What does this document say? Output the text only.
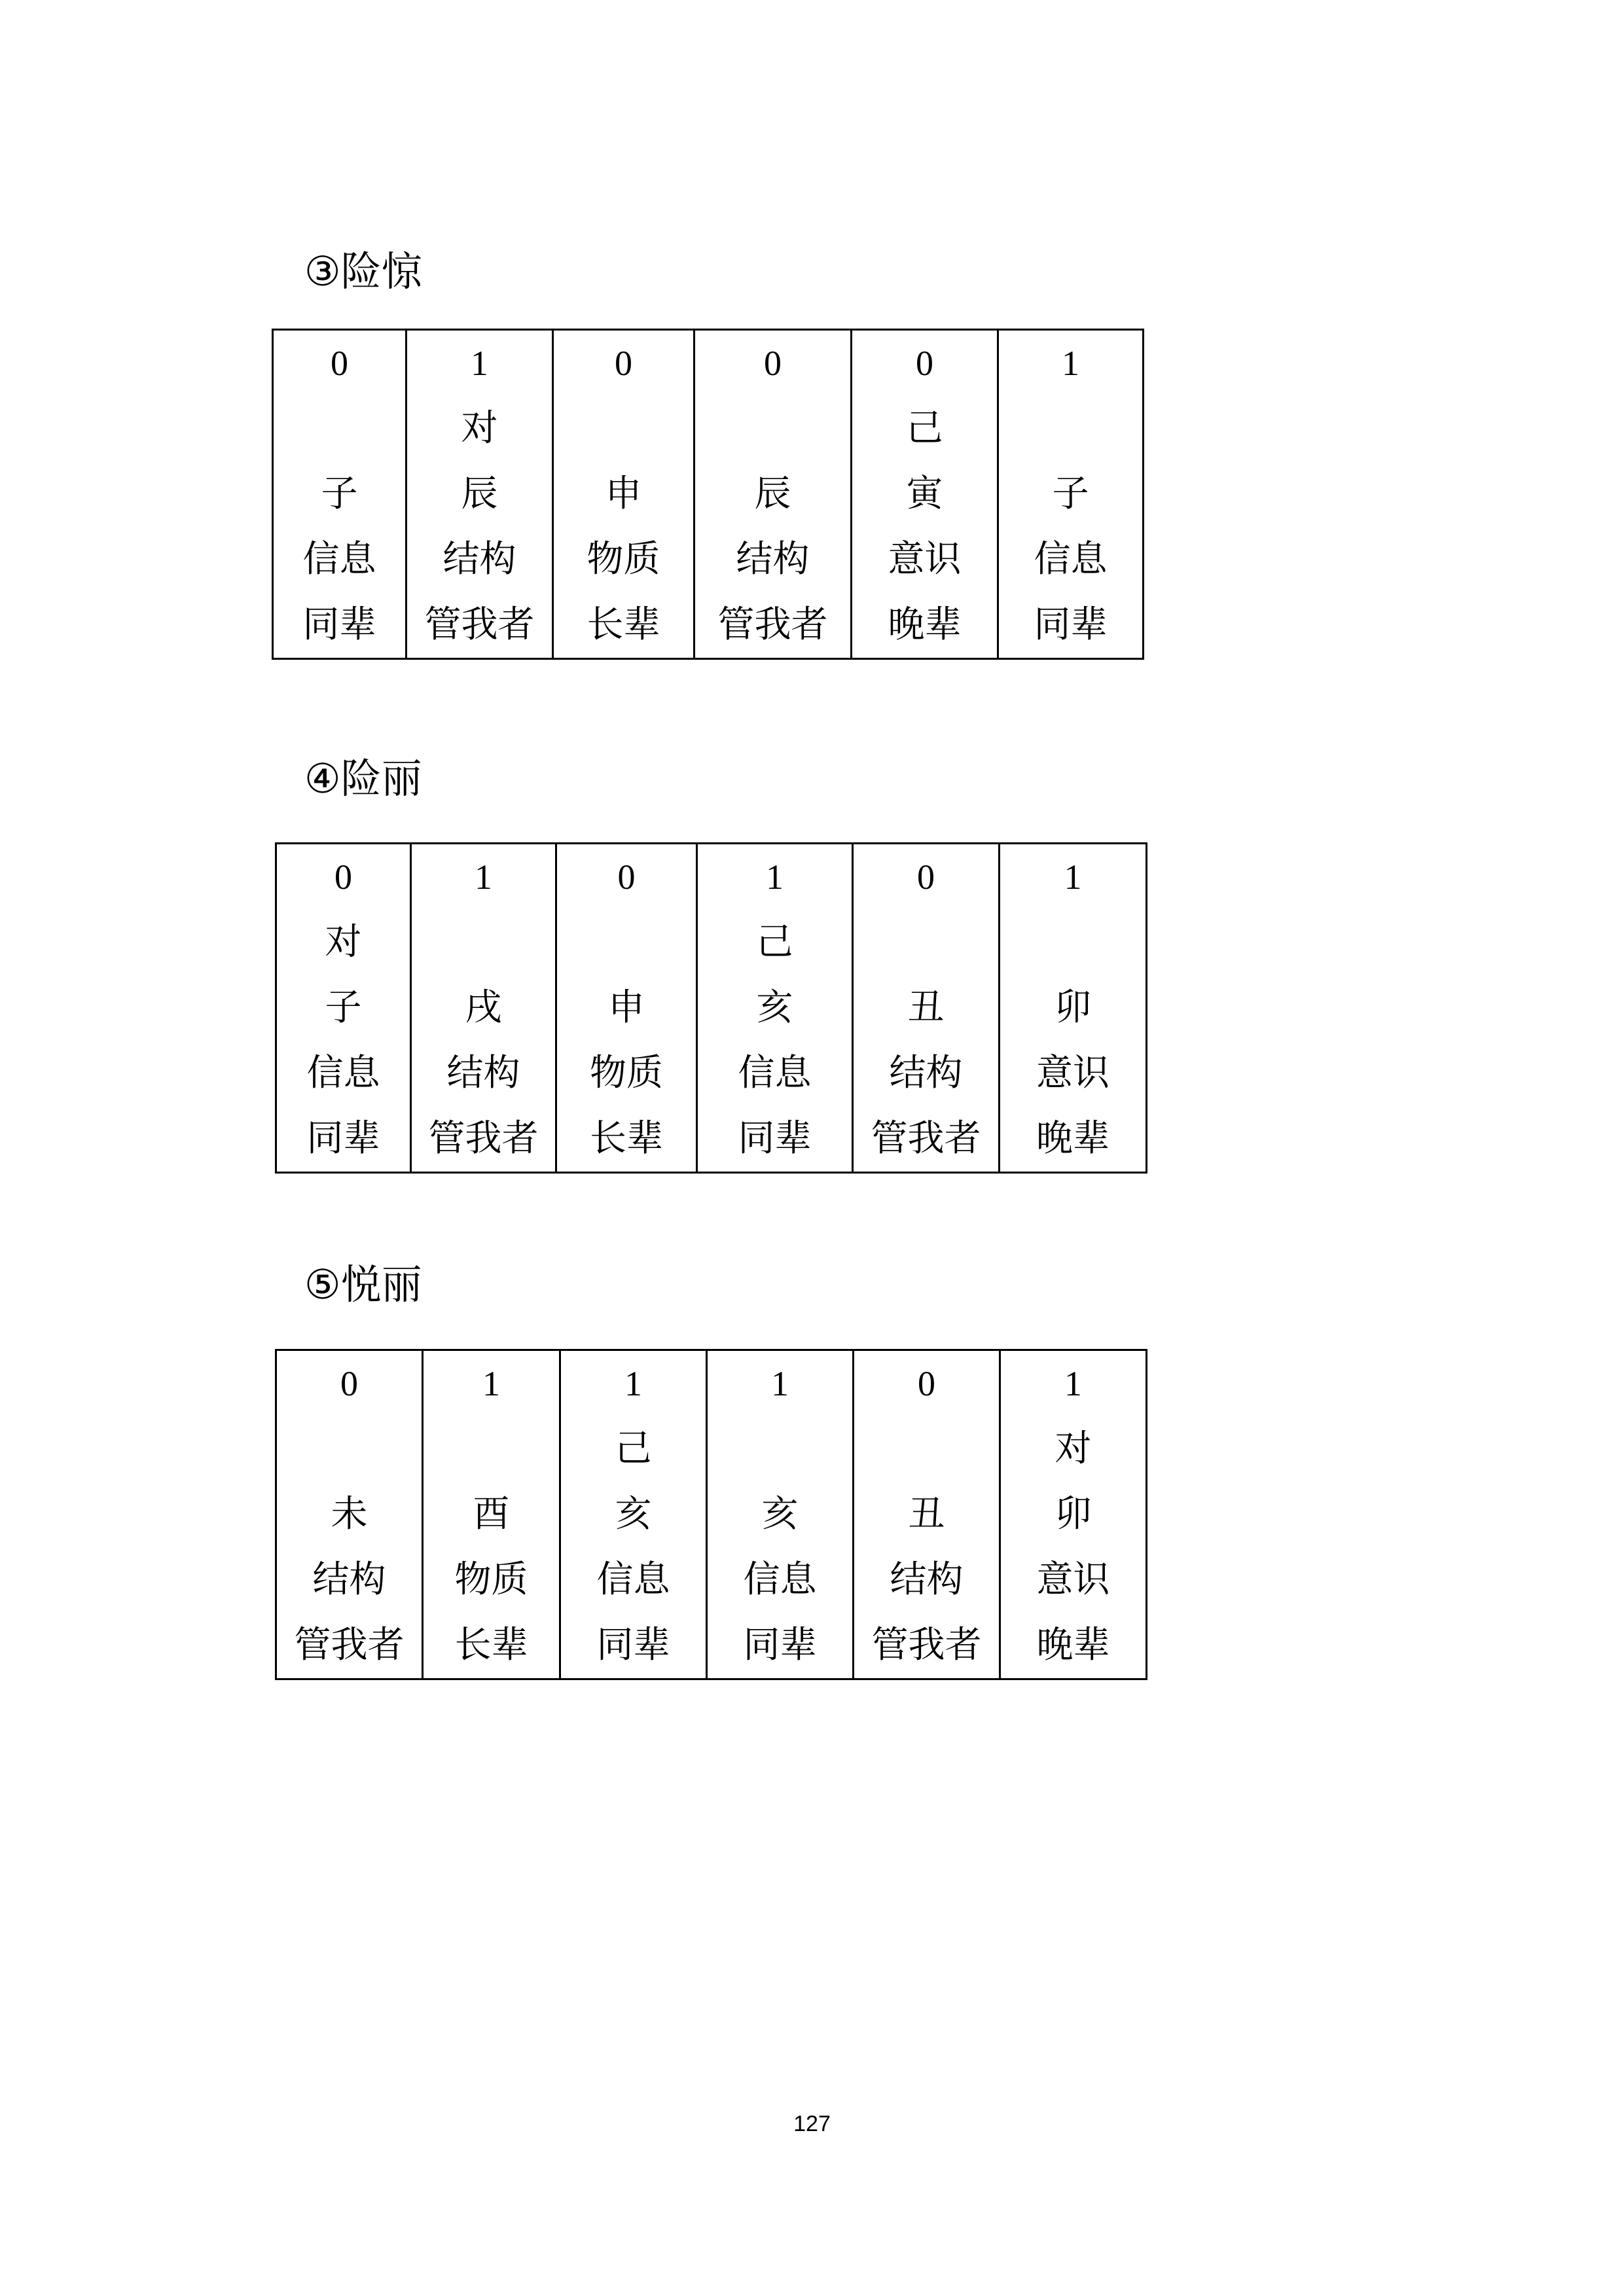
③险惊
0
子
信息
同辈

1
对
辰
结构
管我者

0
申
物质
长辈

0
辰
结构
管我者

0
己
寅
意识
晚辈

1
子
信息
同辈
④险丽
0
对
子
信息
同辈

1
戌
结构
管我者

0
申
物质
长辈

1
己
亥
信息
同辈

0
丑
结构
管我者

1
卯
意识
晚辈
⑤悦丽
0
未
结构
管我者

1
酉
物质
长辈

1
己
亥
信息
同辈

1
亥
信息
同辈

0
丑
结构
管我者

1
对
卯
意识
晚辈
127
